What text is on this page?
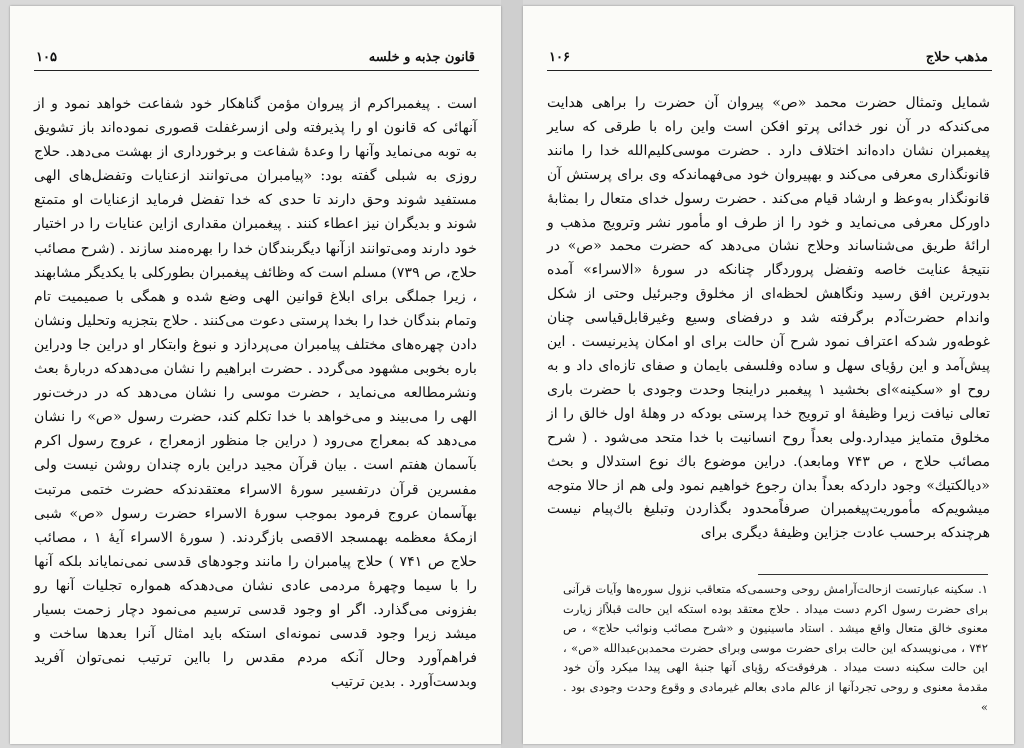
۱۰۵	قانون جذبه و خلسه

است . پیغمبراکرم از پیروان مؤمن گناهکار خود شفاعت خواهد نمود و از آنهائی که قانون او را پذیرفته ولی ازسرغفلت قصوری نموده‌اند باز تشویق به توبه می‌نماید وآنها را وعدهٔ شفاعت و برخورداری از بهشت می‌دهد. حلاج روزی به شبلی گفته بود: «پیامبران می‌توانند ازعنایات وتفضل‌های الهی مستفید شوند وحق دارند تا حدی که خدا تفضل فرماید ازعنایات او متمتع شوند و بدیگران نیز اعطاء کنند . پیغمبران مقداری ازاین عنایات را در اختیار خود دارند ومی‌توانند ازآنها دیگربندگان خدا را بهره‌مند سازند . (شرح مصائب حلاج، ص ۷۳۹) مسلم است که وظائف پیغمبران بطورکلی با یکدیگر مشابهند ، زیرا جملگی برای ابلاغ قوانین الهی وضع شده و همگی با صمیمیت تام وتمام بندگان خدا را بخدا پرستی دعوت می‌کنند . حلاج بتجزیه وتحلیل ونشان دادن چهره‌های مختلف پیامبران می‌پردازد و نبوغ وابتکار او دراین جا ودراین باره بخوبی مشهود می‌گردد . حضرت ابراهیم را نشان می‌دهدکه دربارهٔ بعث ونشرمطالعه می‌نماید ، حضرت موسی را نشان می‌دهد که در درخت‌نور الهی را می‌بیند و می‌خواهد با خدا تکلم کند، حضرت رسول «ص» را نشان می‌دهد که بمعراج می‌رود ( دراین جا منظور ازمعراج ، عروج رسول اکرم بآسمان هفتم است . بیان قرآن مجید دراین باره چندان روشن نیست ولی مفسرین قرآن درتفسیر سورهٔ الاسراء معتقدندکه حضرت ختمی مرتبت بهآسمان عروج فرمود بموجب سورهٔ الاسراء حضرت رسول «ص» شبی ازمکهٔ معظمه بهمسجد الاقصی بازگردند. ( سورهٔ الاسراء آیهٔ ۱ ، مصائب حلاج ص ۷۴۱ ) حلاج پیامبران را مانند وجودهای قدسی نمی‌نمایاند بلکه آنها را با سیما وچهرهٔ مردمی عادی نشان می‌دهدکه همواره تجلیات آنها رو بفزونی می‌گذارد. اگر او وجود قدسی ترسیم می‌نمود دچار زحمت بسیار میشد زیرا وجود قدسی نمونه‌ای استکه باید امثال آنرا بعدها ساخت و فراهم‌آورد وحال آنکه مردم مقدس را بااین ترتیب نمی‌توان آفرید وبدست‌آورد . بدین ترتیب

۱۰۶	مذهب حلاج

شمایل وتمثال حضرت محمد «ص» پیروان آن حضرت را براهی هدایت می‌کندکه در آن نور خدائی پرتو افکن است واین راه با طرقی که سایر پیغمبران نشان داده‌اند اختلاف دارد . حضرت موسی‌کلیم‌الله خدا را مانند قانونگذاری معرفی می‌کند و بهپیروان خود می‌فهماندکه وی برای پرستش آن قانونگذار به‌وعظ و ارشاد قیام می‌کند . حضرت رسول خدای متعال را بمثابهٔ داورکل معرفی می‌نماید و خود را از طرف او مأمور نشر وترویج مذهب و ارائهٔ طریق می‌شناساند وحلاج نشان می‌دهد که حضرت محمد «ص» در نتیجهٔ عنایت خاصه وتفضل پروردگار چنانکه در سورهٔ «الاسراء» آمده بدورترین افق رسید ونگاهش لحظه‌ای از مخلوق وجبرئیل وحتی از شکل واندام حضرت‌آدم برگرفته شد و درفضای وسیع وغیرقابل‌قیاسی چنان غوطه‌ور شدکه اعتراف نمود شرح آن حالت برای او امکان پذیرنیست . این پیش‌آمد و این رؤیای سهل و ساده وفلسفی بایمان و صفای تازه‌ای داد و به روح او «سکینه»ای بخشید ۱ پیغمبر دراینجا وحدت وجودی با حضرت باری تعالی نیافت زیرا وظیفهٔ او ترویج خدا پرستی بودکه در وهلهٔ اول خالق را از مخلوق متمایز میدارد.ولی بعداً روح انسانیت با خدا متحد می‌شود . ( شرح مصائب حلاج ، ص ۷۴۳ ومابعد). دراین موضوع باك نوع استدلال و بحث «دیالکتیك» وجود داردکه بعداً بدان رجوع خواهیم نمود ولی هم از حالا متوجه میشویم‌که مأموریت‌پیغمبران صرفاًمحدود بگذاردن وتبلیغ باك‌پیام نیست هرچندکه برحسب عادت جزاین وظیفهٔ دیگری برای

۱. سکینه عبارتست ازحالت‌آرامش روحی وحسمی‌که متعاقب نزول سوره‌ها وآیات قرآنی برای حضرت رسول اکرم دست میداد . حلاج معتقد بوده استکه این حالت قبلاًاز زیارت معنوی خالق متعال واقع میشد . استاد ماسینیون و «شرح مصائب ونوائب حلاج» ، ص ۷۴۲ ، می‌نویسدکه این حالت برای حضرت موسی وبرای حضرت محمدبن‌عبدالله «ص» ، این حالت سکینه دست میداد . هرفوقت‌که رؤیای آنها جنبهٔ الهی پیدا میکرد وآن خود مقدمهٔ معنوی و روحی تجردآنها از عالم مادی بعالم غیرمادی و وقوع وحدت وجودی بود . »
